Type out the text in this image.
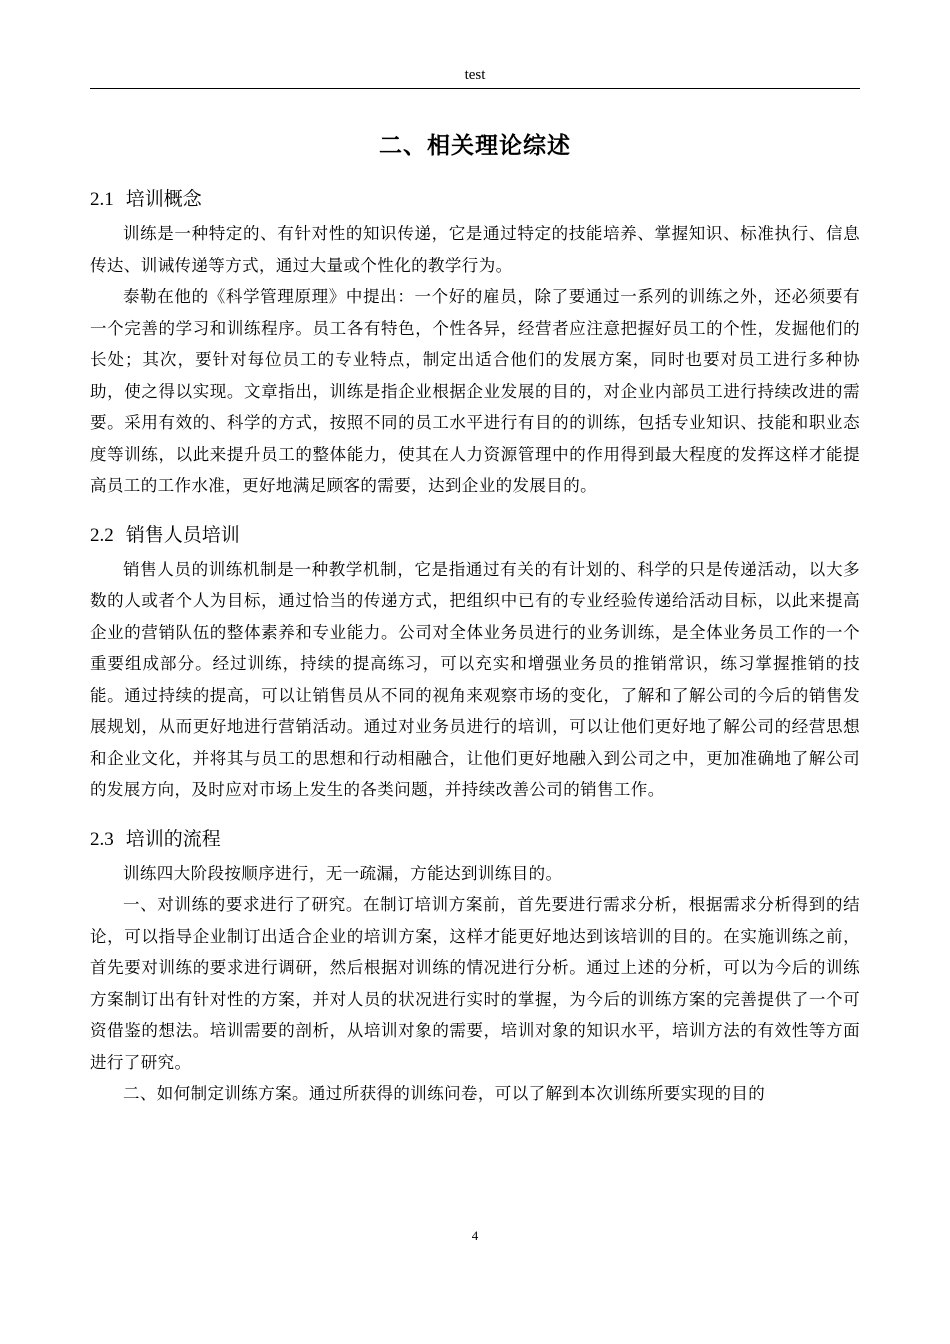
test
二、相关理论综述
2.1 培训概念

训练是一种特定的、有针对性的知识传递，它是通过特定的技能培养、掌握知识、标准执行、信息传达、训诫传递等方式，通过大量或个性化的教学行为。

泰勒在他的《科学管理原理》中提出：一个好的雇员，除了要通过一系列的训练之外，还必须要有一个完善的学习和训练程序。员工各有特色，个性各异，经营者应注意把握好员工的个性，发掘他们的长处；其次，要针对每位员工的专业特点，制定出适合他们的发展方案，同时也要对员工进行多种协助，使之得以实现。文章指出，训练是指企业根据企业发展的目的，对企业内部员工进行持续改进的需要。采用有效的、科学的方式，按照不同的员工水平进行有目的的训练，包括专业知识、技能和职业态度等训练，以此来提升员工的整体能力，使其在人力资源管理中的作用得到最大程度的发挥这样才能提高员工的工作水准，更好地满足顾客的需要，达到企业的发展目的。

2.2 销售人员培训

销售人员的训练机制是一种教学机制，它是指通过有关的有计划的、科学的只是传递活动，以大多数的人或者个人为目标，通过恰当的传递方式，把组织中已有的专业经验传递给活动目标，以此来提高企业的营销队伍的整体素养和专业能力。公司对全体业务员进行的业务训练，是全体业务员工作的一个重要组成部分。经过训练，持续的提高练习，可以充实和增强业务员的推销常识，练习掌握推销的技能。通过持续的提高，可以让销售员从不同的视角来观察市场的变化，了解和了解公司的今后的销售发展规划，从而更好地进行营销活动。通过对业务员进行的培训，可以让他们更好地了解公司的经营思想和企业文化，并将其与员工的思想和行动相融合，让他们更好地融入到公司之中，更加准确地了解公司的发展方向，及时应对市场上发生的各类问题，并持续改善公司的销售工作。

2.3 培训的流程

训练四大阶段按顺序进行，无一疏漏，方能达到训练目的。

一、对训练的要求进行了研究。在制订培训方案前，首先要进行需求分析，根据需求分析得到的结论，可以指导企业制订出适合企业的培训方案，这样才能更好地达到该培训的目的。在实施训练之前，首先要对训练的要求进行调研，然后根据对训练的情况进行分析。通过上述的分析，可以为今后的训练方案制订出有针对性的方案，并对人员的状况进行实时的掌握，为今后的训练方案的完善提供了一个可资借鉴的想法。培训需要的剖析，从培训对象的需要，培训对象的知识水平，培训方法的有效性等方面进行了研究。

二、如何制定训练方案。通过所获得的训练问卷，可以了解到本次训练所要实现的目的

4
